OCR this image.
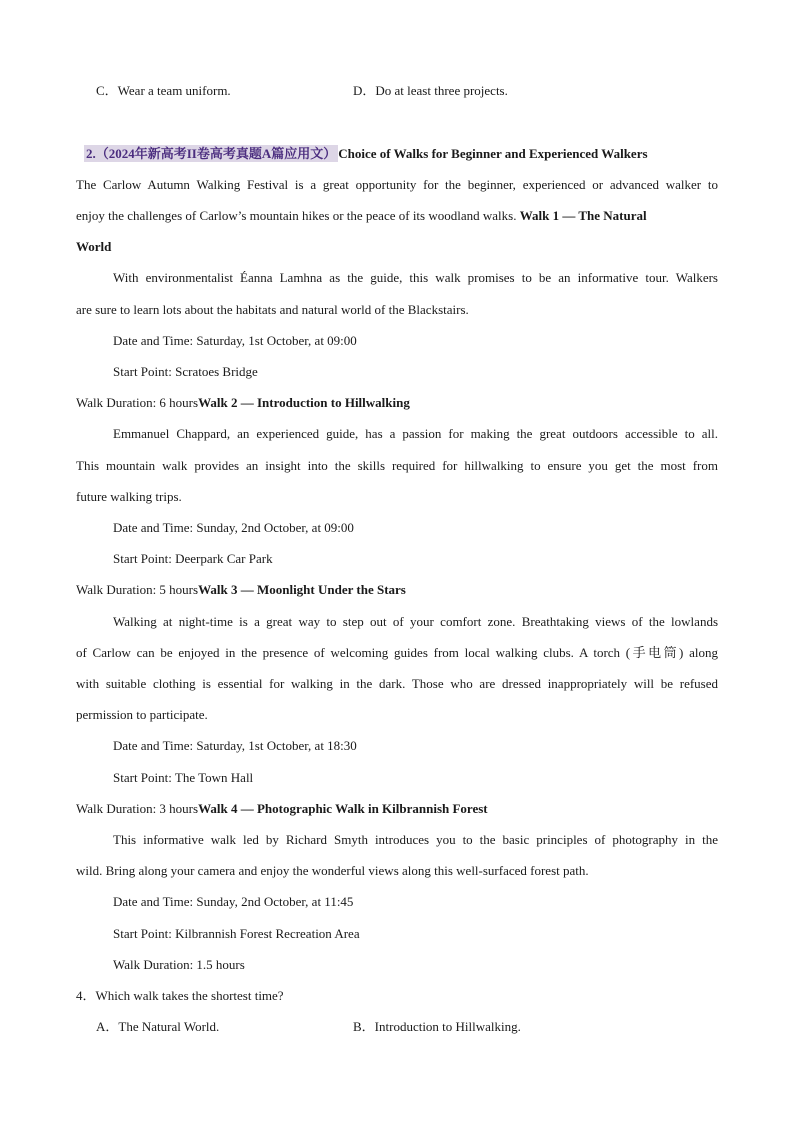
C．Wear a team uniform.	D．Do at least three projects.
2.（2024年新高考II卷高考真题A篇应用文） Choice of Walks for Beginner and Experienced Walkers
The Carlow Autumn Walking Festival is a great opportunity for the beginner, experienced or advanced walker to
enjoy the challenges of Carlow’s mountain hikes or the peace of its woodland walks. Walk 1 — The Natural
World
With environmentalist Éanna Lamhna as the guide, this walk promises to be an informative tour. Walkers
are sure to learn lots about the habitats and natural world of the Blackstairs.
Date and Time: Saturday, 1st October, at 09:00
Start Point: Scratoes Bridge
Walk Duration: 6 hoursWalk 2 — Introduction to Hillwalking
Emmanuel Chappard, an experienced guide, has a passion for making the great outdoors accessible to all.
This mountain walk provides an insight into the skills required for hillwalking to ensure you get the most from
future walking trips.
Date and Time: Sunday, 2nd October, at 09:00
Start Point: Deerpark Car Park
Walk Duration: 5 hoursWalk 3 — Moonlight Under the Stars
Walking at night-time is a great way to step out of your comfort zone. Breathtaking views of the lowlands
of Carlow can be enjoyed in the presence of welcoming guides from local walking clubs. A torch (手电筒) along
with suitable clothing is essential for walking in the dark. Those who are dressed inappropriately will be refused
permission to participate.
Date and Time: Saturday, 1st October, at 18:30
Start Point: The Town Hall
Walk Duration: 3 hoursWalk 4 — Photographic Walk in Kilbrannish Forest
This informative walk led by Richard Smyth introduces you to the basic principles of photography in the
wild. Bring along your camera and enjoy the wonderful views along this well-surfaced forest path.
Date and Time: Sunday, 2nd October, at 11:45
Start Point: Kilbrannish Forest Recreation Area
Walk Duration: 1.5 hours
4．Which walk takes the shortest time?
A．The Natural World.	B．Introduction to Hillwalking.
